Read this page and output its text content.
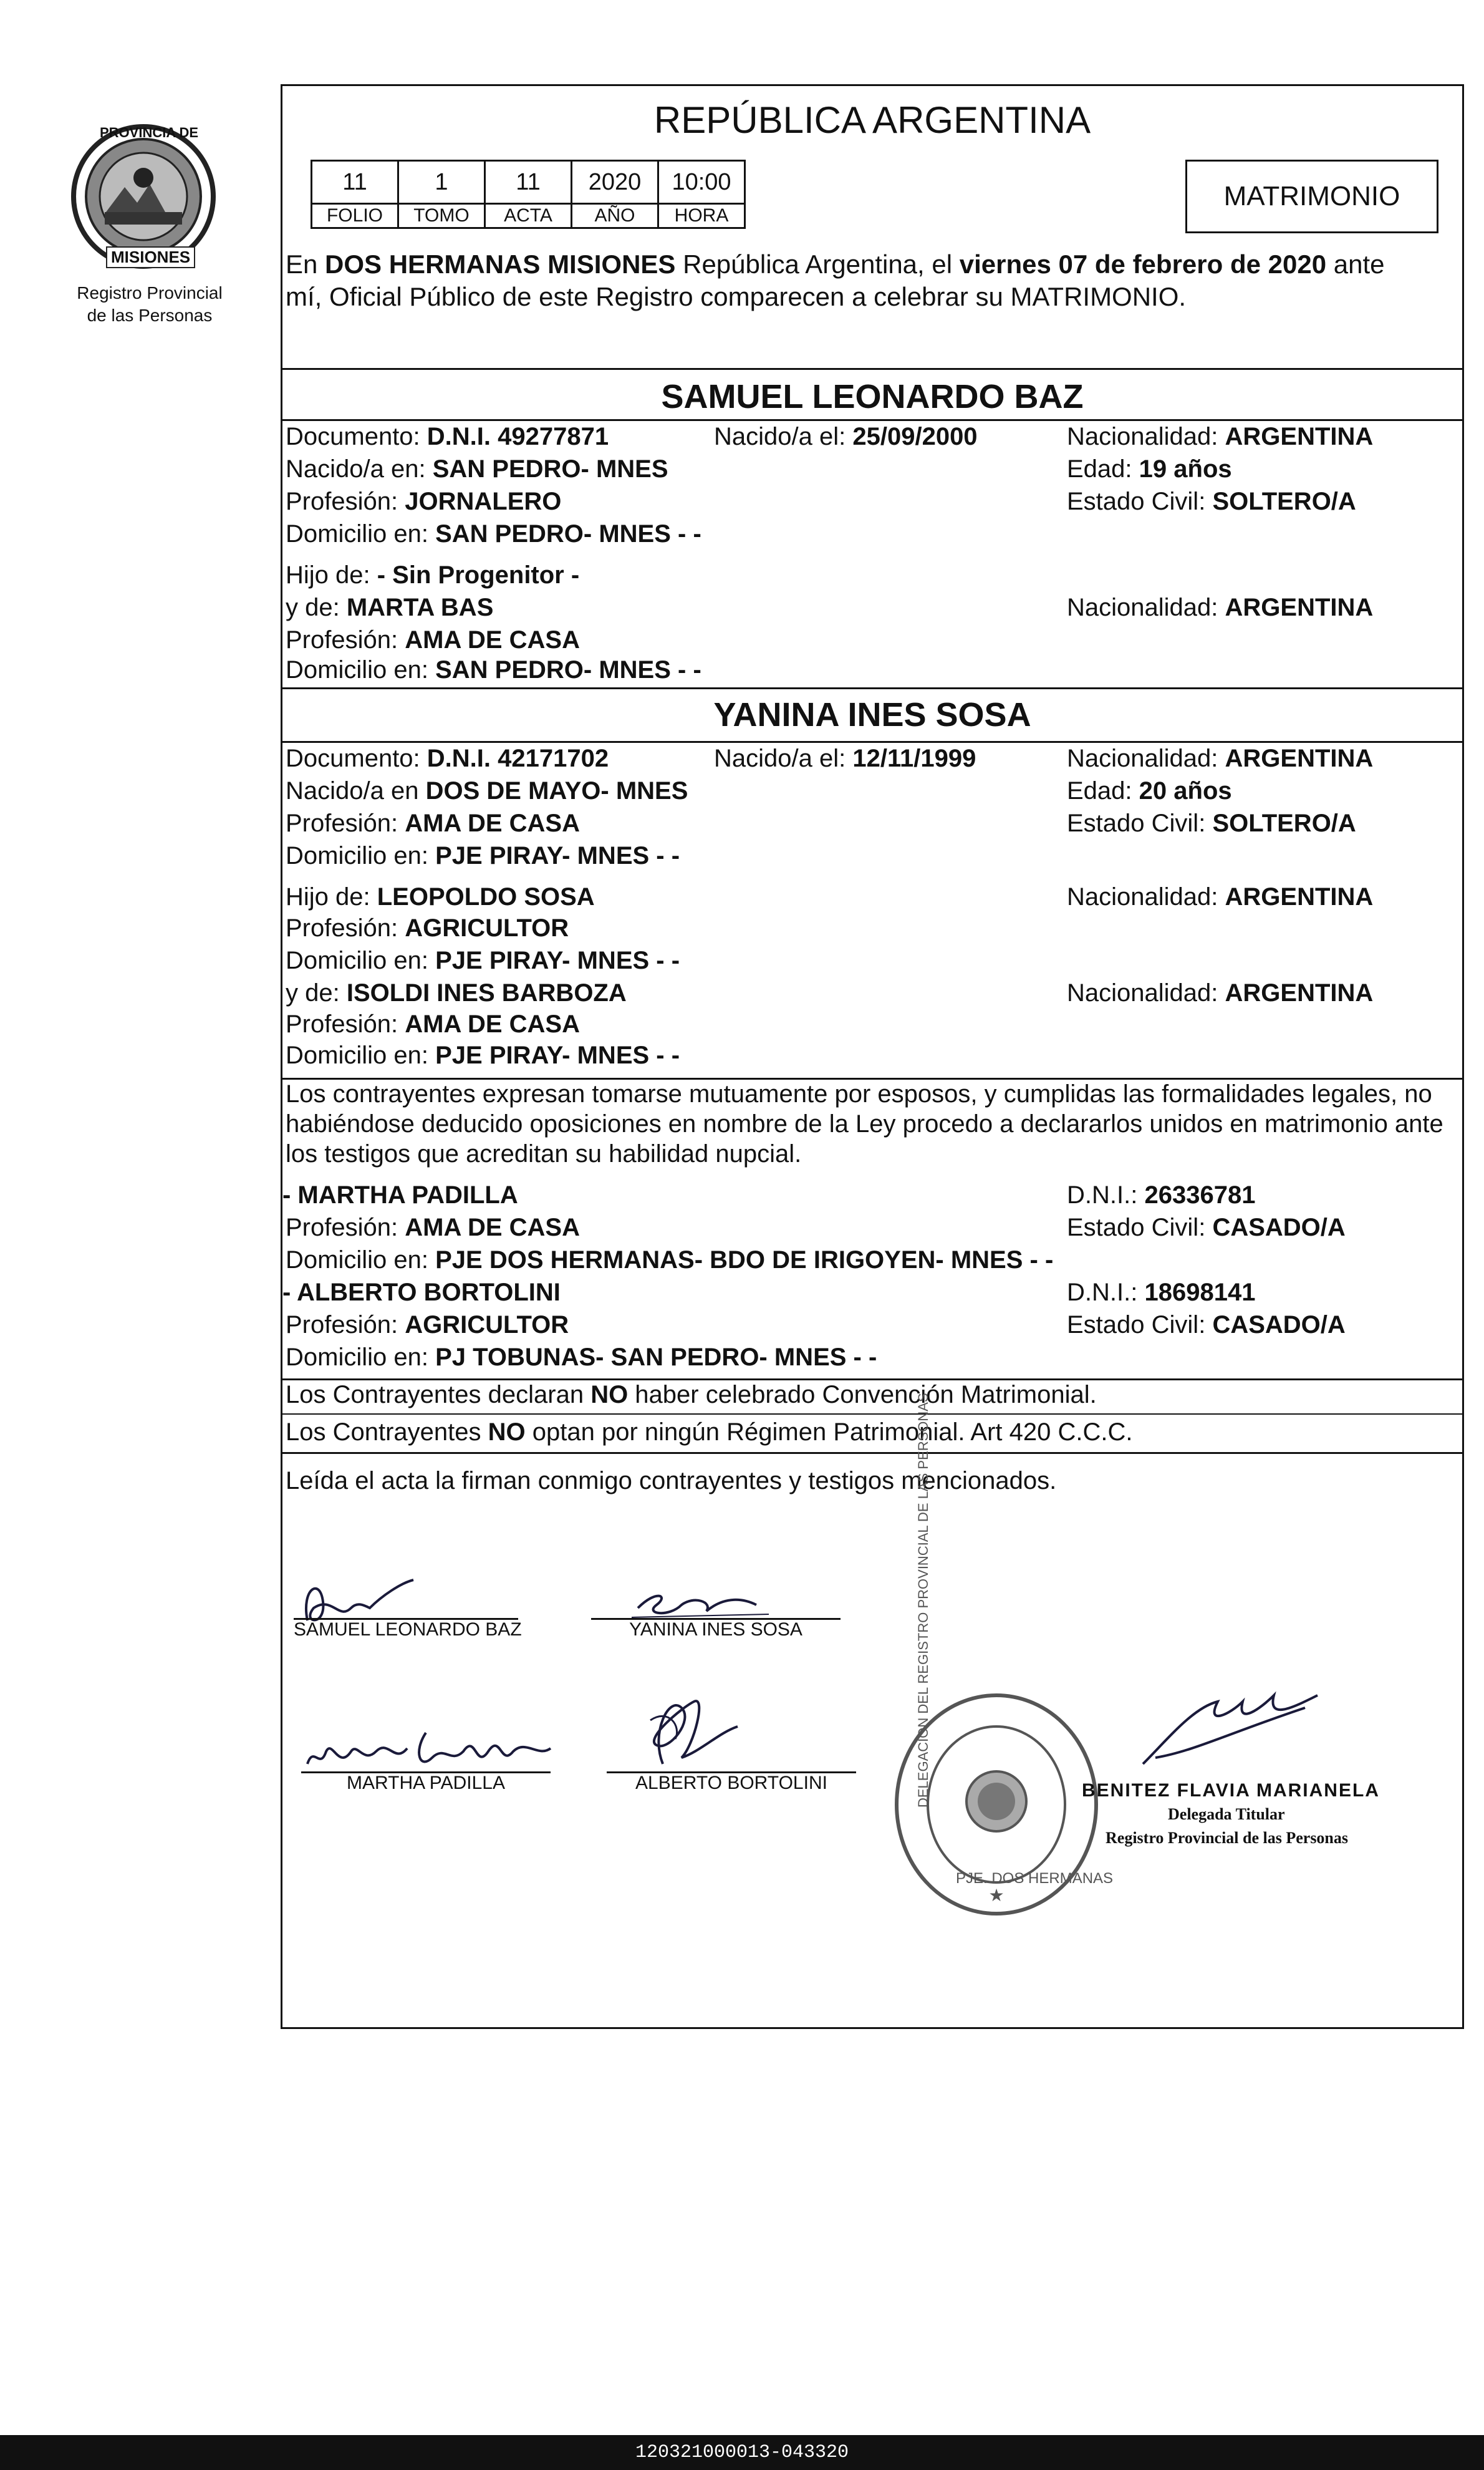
PROVINCIA DE
MISIONES
Registro Provincial
de las Personas
REPÚBLICA ARGENTINA
11	1	11	2020	10:00
FOLIO	TOMO	ACTA	AÑO	HORA
MATRIMONIO
En DOS HERMANAS MISIONES República Argentina, el viernes 07 de febrero de 2020 ante
mí, Oficial Público de este Registro comparecen a celebrar su MATRIMONIO.
SAMUEL LEONARDO BAZ
Documento: D.N.I. 49277871	Nacido/a el: 25/09/2000	Nacionalidad: ARGENTINA
Nacido/a en: SAN PEDRO- MNES	Edad: 19 años
Profesión: JORNALERO	Estado Civil: SOLTERO/A
Domicilio en: SAN PEDRO- MNES - -
Hijo de: - Sin Progenitor -
y de: MARTA BAS	Nacionalidad: ARGENTINA
Profesión: AMA DE CASA
Domicilio en: SAN PEDRO- MNES - -
YANINA INES SOSA
Documento: D.N.I. 42171702	Nacido/a el: 12/11/1999	Nacionalidad: ARGENTINA
Nacido/a en DOS DE MAYO- MNES	Edad: 20 años
Profesión: AMA DE CASA	Estado Civil: SOLTERO/A
Domicilio en: PJE PIRAY- MNES - -
Hijo de: LEOPOLDO SOSA	Nacionalidad: ARGENTINA
Profesión: AGRICULTOR
Domicilio en: PJE PIRAY- MNES - -
y de: ISOLDI INES BARBOZA	Nacionalidad: ARGENTINA
Profesión: AMA DE CASA
Domicilio en: PJE PIRAY- MNES - -
Los contrayentes expresan tomarse mutuamente por esposos, y cumplidas las formalidades legales, no
habiéndose deducido oposiciones en nombre de la Ley procedo a declararlos unidos en matrimonio ante
los testigos que acreditan su habilidad nupcial.
- MARTHA PADILLA	D.N.I.: 26336781
Profesión: AMA DE CASA	Estado Civil: CASADO/A
Domicilio en: PJE DOS HERMANAS- BDO DE IRIGOYEN- MNES - -
- ALBERTO BORTOLINI	D.N.I.: 18698141
Profesión: AGRICULTOR	Estado Civil: CASADO/A
Domicilio en: PJ TOBUNAS- SAN PEDRO- MNES - -
Los Contrayentes declaran NO haber celebrado Convención Matrimonial.
Los Contrayentes NO optan por ningún Régimen Patrimonial. Art 420 C.C.C.
Leída el acta la firman conmigo contrayentes y testigos mencionados.
SAMUEL LEONARDO BAZ	YANINA INES SOSA
MARTHA PADILLA	ALBERTO BORTOLINI
★
DELEGACION DEL REGISTRO PROVINCIAL DE LAS PERSONAS
PJE. DOS HERMANAS
BENITEZ FLAVIA MARIANELA
Delegada Titular
Registro Provincial de las Personas
120321000013-043320
